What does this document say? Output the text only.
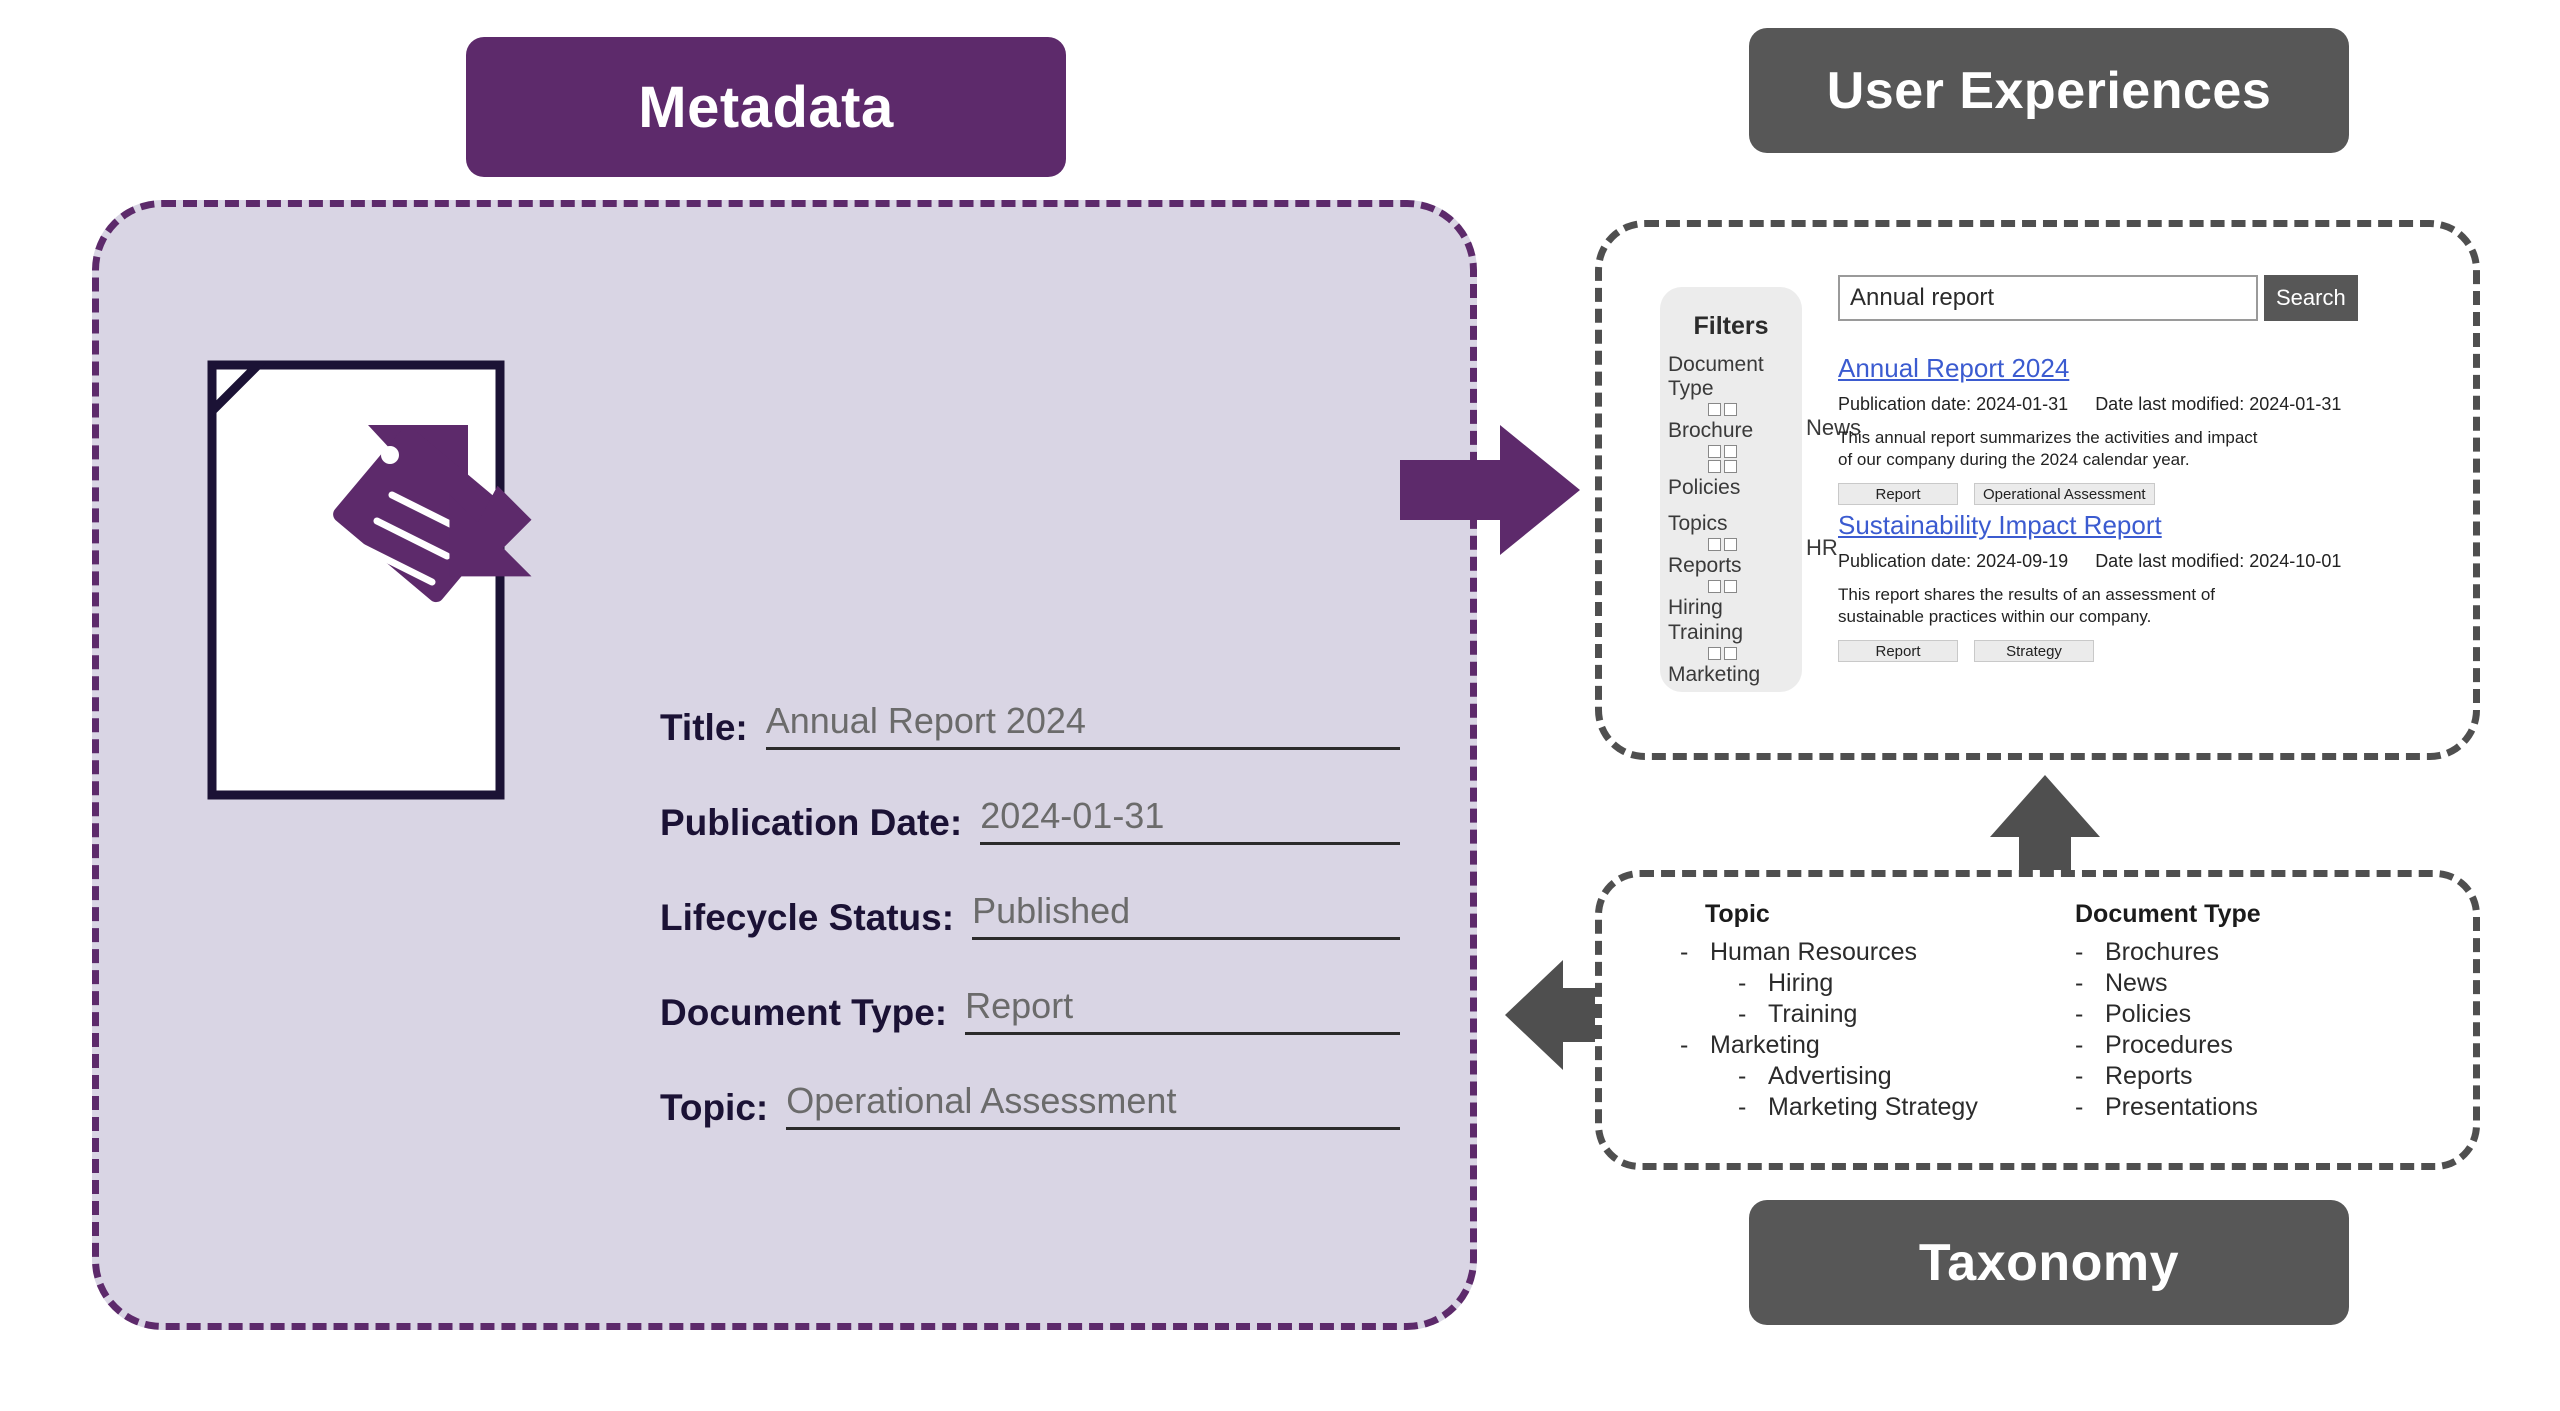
Metadata	User Experiences
Taxonomy
Title: Annual Report 2024
Publication Date: 2024-01-31
Lifecycle Status: Published
Document Type: Report
Topic: Operational Assessment
Filters
Document Type
Brochure
Policies
Topics
Reports
Hiring
Training
Marketing
News
HR
Annual report
Search
Annual Report 2024
Publication date: 2024-01-31 Date last modified: 2024-01-31
This annual report summarizes the activities and impact of our company during the 2024 calendar year.
Report	Operational Assessment
Sustainability Impact Report
Publication date: 2024-09-19 Date last modified: 2024-10-01
This report shares the results of an assessment of sustainable practices within our company.
Report	Strategy
Topic
- Human Resources
- Hiring
- Training
- Marketing
- Advertising
- Marketing Strategy
Document Type
- Brochures
- News
- Policies
- Procedures
- Reports
- Presentations
